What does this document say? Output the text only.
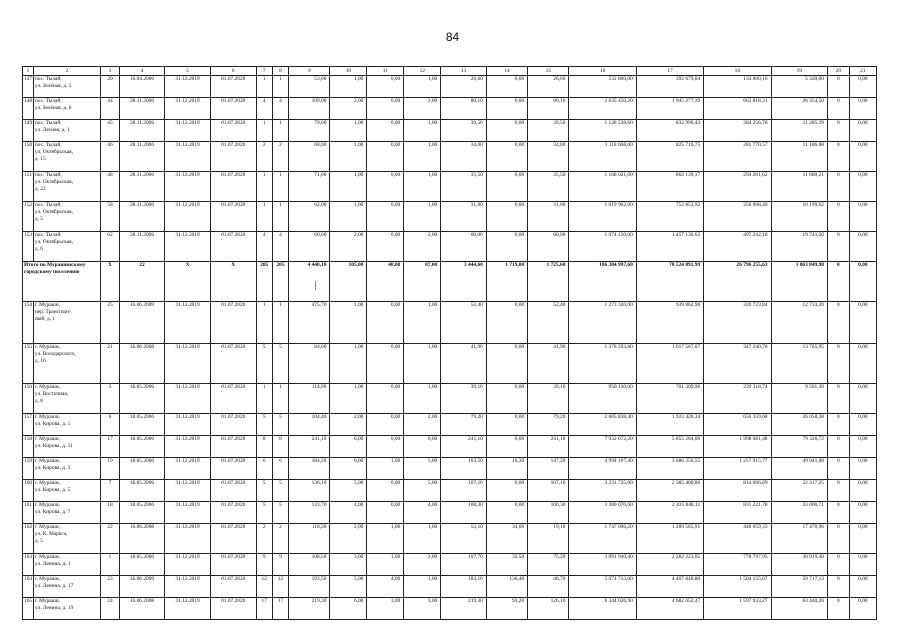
84
1	2	3	4	5	6	7	8	9	10	11	12	13	14	15	16	17	18	19	20	21
147	пос. Тылай,
ул. Зелёная, д. 5	20	16.04.2006	31.12.2019	01.07.2020	1	1	53,00	1,00	0,00	1,00	26,60	0,00	26,60	532 800,00	392 679,84	134 800,16	5 320,00	0	0,00
148	пос. Тылай,
ул. Зелёная, д. 6	44	28.11.2006	31.12.2019	01.07.2020	4	4	109,00	2,00	0,00	2,00	80,10	0,00	80,10	2 635 450,20	1 945 277,39	663 818,31	26 354,50	0	0,00
149	пос. Тылай,
ул. Лесная, д. 1	45	28.11.2006	31.12.2019	01.07.2020	1	1	79,00	1,00	0,00	1,00	39,50	0,00	39,50	1 128 538,60	832 996,43	284 256,78	11 285,39	0	0,00
150	пос. Тылай,
ул. Октябрьская,
д. 15	46	28.11.2006	31.12.2019	01.07.2020	2	2	68,00	1,00	0,00	1,00	34,00	0,00	34,00	1 118 668,00	825 710,75	281 770,57	11 186,68	0	0,00
151	пос. Тылай,
ул. Октябрьская,
д. 22	48	28.11.2006	31.12.2019	01.07.2020	1	1	71,00	1,00	0,00	1,00	35,50	0,00	35,50	1 168 021,00	862 139,17	294 201,62	11 680,21	0	0,00
152	пос. Тылай,
ул. Октябрьская,
д. 5	58	28.11.2006	31.12.2019	01.07.2020	1	1	62,00	1,00	0,00	1,00	31,00	0,00	31,00	1 019 962,00	752 853,92	256 908,46	10 199,62	0	0,00
153	пос. Тылай,
ул. Октябрьская,
д. 6	62	28.11.2006	31.12.2019	01.07.2020	4	4	60,00	2,00	0,00	2,00	60,00	0,00	60,00	1 974 120,00	1 457 136,62	497 242,18	19 741,20	0	0,00
Итого по Мурашинскому городскому поселению		X	22	X	X	205	205	4 440,10	105,00	48,00	87,00	3 444,60	1 719,00	1 725,60	106 384 997,60	78 524 891,99	26 796 255,63	1 063 849,98	0	0,00
154	г. Мураши,
пер. Транспорт-
ный, д. 1	25	16.06.2009	31.12.2019	01.07.2020	1	1	475,70	1,00	0,00	1,00	52,40	0,00	52,40	1 273 320,00	939 862,96	320 723,84	12 733,20	0	0,00
155	г. Мураши,
ул. Володарского,
д. 16	21	16.06.2008	31.12.2019	01.07.2020	5	5	84,00	1,00	0,00	1,00	41,90	0,00	41,90	1 378 593,80	1 017 567,07	347 240,78	13 785,95	0	0,00
156	г. Мураши,
ул. Восточная,
д. 8	3	18.05.2006	31.12.2019	01.07.2020	1	1	114,90	1,00	0,00	1,00	39,10	0,00	39,10	950 130,00	701 309,96	239 318,74	9 501,30	0	0,00
157	г. Мураши,
ул. Кирова, д. 1	6	18.05.2006	31.12.2019	01.07.2020	5	5	104,40	2,00	0,00	2,00	79,20	0,00	79,20	2 605 838,40	1 923 420,34	656 359,68	26 058,38	0	0,00
158	г. Мураши,
ул. Кирова, д. 11	17	18.05.2006	31.12.2019	01.07.2020	8	8	241,10	6,00	0,00	6,00	241,10	0,00	241,10	7 932 672,20	5 855 264,00	1 998 081,48	79 326,72	0	0,00
159	г. Мураши,
ул. Кирова, д. 3	19	18.05.2006	31.12.2019	01.07.2020	6	6	184,20	6,00	1,00	5,00	163,50	16,30	147,20	4 994 107,40	3 686 250,55	1 257 915,77	49 941,08	0	0,00
160	г. Мураши,
ул. Кирова, д. 5	7	18.05.2006	31.12.2019	01.07.2020	5	5	136,10	5,00	0,00	5,00	107,10	0,00	107,10	3 231 725,00	2 385 400,86	814 006,89	32 317,25	0	0,00
161	г. Мураши,
ул. Кирова, д. 7	18	18.05.2006	31.12.2019	01.07.2020	5	5	133,70	4,00	0,00	4,00	100,30	0,00	100,30	3 300 070,60	2 435 848,11	831 221,78	33 000,71	0	0,00
162	г. Мураши,
ул. К. Маркса,
д. 5	22	16.06.2008	31.12.2019	01.07.2020	2	2	118,30	2,00	1,00	1,00	53,10	34,00	19,10	1 747 096,20	1 289 565,91	440 059,33	17 470,96	0	0,00
163	г. Мураши,
ул. Ленина, д. 1	1	18.05.2006	31.12.2019	01.07.2020	9	9	108,50	3,00	1,00	2,00	107,70	32,50	75,20	3 091 940,40	2 282 223,05	778 797,95	30 919,40	0	0,00
164	г. Мураши,
ул. Ленина, д. 17	23	16.06.2009	31.12.2019	01.07.2020	12	12	193,50	5,00	4,00	1,00	183,10	136,40	46,70	5 971 713,00	4 407 840,80	1 504 155,07	59 717,13	0	0,00
165	г. Мураши,
ул. Ленина, д. 19	24	16.06.2008	31.12.2019	01.07.2020	17	17	219,30	6,00	3,00	3,00	219,30	93,20	126,10	6 344 026,90	4 682 652,47	1 597 933,27	63 440,26	0	0,00
|
